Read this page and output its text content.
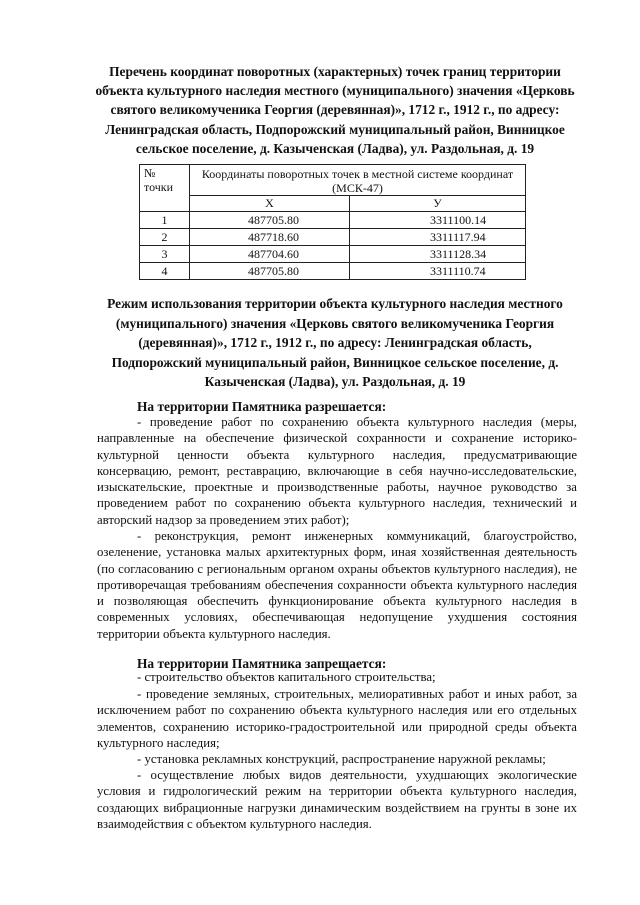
Перечень координат поворотных (характерных) точек границ территории объекта культурного наследия местного (муниципального) значения «Церковь святого великомученика Георгия (деревянная)», 1712 г., 1912 г., по адресу: Ленинградская область, Подпорожский муниципальный район, Винницкое сельское поселение, д. Казыченская (Ладва), ул. Раздольная, д. 19
№ точки	Координаты поворотных точек в местной системе координат (МСК-47)	
	X	У
1	487705.80	3311100.14
2	487718.60	3311117.94
3	487704.60	3311128.34
4	487705.80	3311110.74
Режим использования территории объекта культурного наследия местного (муниципального) значения «Церковь святого великомученика Георгия (деревянная)», 1712 г., 1912 г., по адресу: Ленинградская область, Подпорожский муниципальный район, Винницкое сельское поселение, д. Казыченская (Ладва), ул. Раздольная, д. 19
На территории Памятника разрешается:
- проведение работ по сохранению объекта культурного наследия (меры, направленные на обеспечение физической сохранности и сохранение историко-культурной ценности объекта культурного наследия, предусматривающие консервацию, ремонт, реставрацию, включающие в себя научно-исследовательские, изыскательские, проектные и производственные работы, научное руководство за проведением работ по сохранению объекта культурного наследия, технический и авторский надзор за проведением этих работ);
- реконструкция, ремонт инженерных коммуникаций, благоустройство, озеленение, установка малых архитектурных форм, иная хозяйственная деятельность (по согласованию с региональным органом охраны объектов культурного наследия), не противоречащая требованиям обеспечения сохранности объекта культурного наследия и позволяющая обеспечить функционирование объекта культурного наследия в современных условиях, обеспечивающая недопущение ухудшения состояния территории объекта культурного наследия.
На территории Памятника запрещается:
- строительство объектов капитального строительства;
- проведение земляных, строительных, мелиоративных работ и иных работ, за исключением работ по сохранению объекта культурного наследия или его отдельных элементов, сохранению историко-градостроительной или природной среды объекта культурного наследия;
- установка рекламных конструкций, распространение наружной рекламы;
- осуществление любых видов деятельности, ухудшающих экологические условия и гидрологический режим на территории объекта культурного наследия, создающих вибрационные нагрузки динамическим воздействием на грунты в зоне их взаимодействия с объектом культурного наследия.
